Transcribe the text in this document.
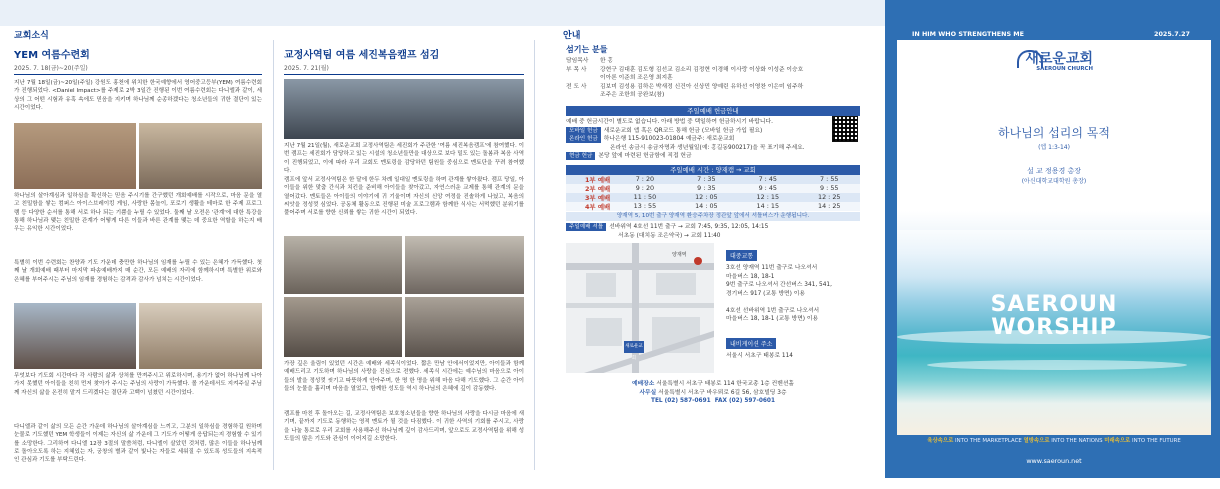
교회소식	안내
YEM 여름수련회
2025. 7. 18(금)~20(주일)
지난 7월 18일(금)~20일(주일) 강원도 홍천에 위치한 한국예향에서 영어중고등부(YEM) 여름수련회가 진행되었다. <Daniel Impact>를 주제로 2박 3일간 진행된 이번 여름수련회는 다니엘과 같이, 세상의 그 어떤 시험과 유혹 속에도 믿음을 지키며 하나님께 순종하겠다는 청소년들의 귀한 결단이 있는 시간이었다.
하나님의 살아계심과 일하심을 확신하는 믿음 주시기를 간구했던 개회예배를 시작으로, 마음 문을 열고 친밀함을 쌓는 컴퍼스 아이스브레이킹 게임, 사랑한 몸놀이, 포로기 생활을 테마로 한 주제 프로그램 등 다양한 순서를 통해 서로 하나 되는 기쁨을 누릴 수 있었다. 둘째 날 오전은 '관계'에 대한 특강을 통해 하나님과 맺는 친밀한 관계가 어떻게 다른 이들과 바른 관계를 맺는 데 중요한 역할을 하는지 배우는 유익한 시간이었다.
특별히 이번 수련회는 찬양과 기도 가운데 충만한 하나님의 임재를 누릴 수 있는 은혜가 가득했다. 첫째 날 개회예배 때부터 마지막 파송예배까지 매 순간, 모든 예배의 자리에 함께하시며 특별한 위로와 은혜를 부어주시는 주님의 임재를 경험하는 감격과 감사가 넘치는 시간이었다.
무엇보다 기도회 시간마다 각 사람의 삶과 상처를 만져주시고 위로하시며, 용기가 없어 하나님께 나아가지 못했던 아이들을 친히 먼저 찾아가 주시는 주님의 사랑이 가득했다. 볼 가운데서도 지켜주실 주님께 자신의 삶을 온전히 맡겨 드리겠다는 결단과 고백이 넘쳤던 시간이었다.
다니엘과 같이 삶의 모든 순간 가운데 하나님의 살아계심을 느끼고, 그분의 일하심을 경험하길 원하며 눈물로 기도했던 YEM 학생들이 이제는 자신의 삶 가운데 그 기도가 어떻게 응답되는지 경험할 수 있기를 소망한다. 그리하여 다니엘 12장 3절의 말씀처럼, 다니엘이 살았던 것처럼, 많은 이들을 하나님께로 돌아오도록 하는 지혜있는 자, 궁창의 별과 같이 빛나는 자들로 세워질 수 있도록 성도들의 지속적인 관심과 기도를 부탁드린다.
교정사역팀 여름 세진복음캠프 섬김
2025. 7. 21(월)
지난 7월 21일(월), 새로운교회 교정사역팀은 세진회가 주관한 '여름 세진복음캠프'에 참여했다. 이번 캠프는 세진회가 담당하고 있는 시설의 청소년들만을 대상으로 보다 밀도 있는 돌봄과 복음 사역이 진행되었고, 이에 따라 우리 교회도 멘토링을 감당하던 팀원들 중심으로 멘토단을 꾸려 참여했다.
캠프에 앞서 교정사역팀은 한 달에 한두 차례 일대일 멘토링을 하며 관계를 쌓아왔다. 캠프 당일, 아이들을 위한 맞춤 간식과 치킨을 준비해 아이들을 찾아갔고, 자연스러운 교제를 통해 관계의 문을 열어갔다. 멘토들은 아이들의 이야기에 귀 기울이며 자신의 신앙 여정을 진솔하게 나눴고, 복음의 씨앗을 정성껏 심었다. 공동체 활동으로 진행된 미술 프로그램과 함께한 식사는 서먹했던 분위기를 풀어주며 서로를 향한 신뢰를 쌓는 귀한 시간이 되었다.
가장 깊은 울림이 있었던 시간은 예배와 세족식이었다. 짧은 만남 안에서이었지만, 아이들과 함께 예배드리고 기도하며 하나님의 사랑을 진심으로 전했다. 세족식 시간에는 예수님의 마음으로 아이들의 발을 정성껏 씻기고 따뜻하게 안아주며, 한 명 한 명을 위해 마음 다해 기도했다. 그 순간 아이들의 눈물을 흘리며 마음을 열었고, 함께한 성도들 역시 하나님의 은혜에 깊이 감동했다.
캠프를 마친 후 돌아오는 길, 교정사역팀은 보호청소년들을 향한 하나님의 사랑을 다시금 마음에 새기며, 끝까지 기도로 동행하는 영적 멘토가 될 것을 다짐했다. 이 귀한 사역의 기회를 주시고, 사랑을 나눌 통로로 우리 교회를 사용해주신 하나님께 깊이 감사드리며, 앞으로도 교정사역팀을 위해 성도들의 많은 기도와 관심이 이어지길 소망한다.
섬기는 분들
담임목사	한 홍
부 목 사	강현구 김대훈 김도형 김선교 김소리 김정현 이경해 이사랑 이상화 이성준 이승호
이아론 이준희 조은영 최지훈
전 도 사	김보미 김성용 김하은 박새정 신건아 신상민 양예린 유하선 이영찬 이은미 임주하
조주은 조한희 공완보(참)
주일예배 헌금안내
예배 중 헌금시간이 별도로 없습니다. 아래 방법 중 택일하여 헌금하시기 바랍니다.
모바일 헌금 새로운교회 앱 혹은 QR코드 통해 헌금 (모바일 헌금 가입 필요)
온라인 헌금 하나은행 115-910023-01804 예금주: 새로운교회
온라인 송금시 송금자명과 생년월일(예: 홍길동900217)을 꼭 표기해 주세요.
현금 헌금 본당 앞에 마련된 헌금함에 직접 헌금
주일예배 시간 : 양재캠 → 교회
1부 예배	7 : 20	7 : 35	7 : 45	7 : 55
2부 예배	9 : 20	9 : 35	9 : 45	9 : 55
3부 예배	11 : 50	12 : 05	12 : 15	12 : 25
4부 예배	13 : 55	14 : 05	14 : 15	14 : 25
양재역 5, 10번 출구 양재역 환승주차장 정관앞 앞에서 셔틀버스가 운행됩니다.
주일예배 셔틀 선바위역 4호선 11번 출구 → 교회 7:45, 9:35, 12:05, 14:15
서초동 (대치동 조은약국) → 교회 11:40
양재역
새로운교회
대중교통
3호선 양재역 11번 출구로 나오셔서
마을버스 18, 18-1
9번 출구로 나오셔서 간선버스 341, 541,
경기버스 917 (교통 방면) 이용
4호선 선바위역 1번 출구로 나오셔서
마을버스 18, 18-1 (교통 방면) 이용
내비게이션 주소
서울시 서초구 태봉로 114
예배장소 서울특별시 서초구 태봉로 114 한국교총 1층 컨벤션홀
사무실 서울특별시 서초구 바우뫼로 6길 56, 삼호빌딩 3층
TEL (02) 587-0691 FAX (02) 597-0601
IN HIM WHO STRENGTHENS ME	2025.7.27
새로운교회
SAEROUN CHURCH
하나님의 섭리의 목적
(엡 1:3-14)
설 교 정용경 총장
(아신대학교대학원 총장)
SAEROUN
WORSHIP
육상속으로 INTO THE MARKETPLACE 열방속으로 INTO THE NATIONS 미래속으로 INTO THE FUTURE
www.saeroun.net
